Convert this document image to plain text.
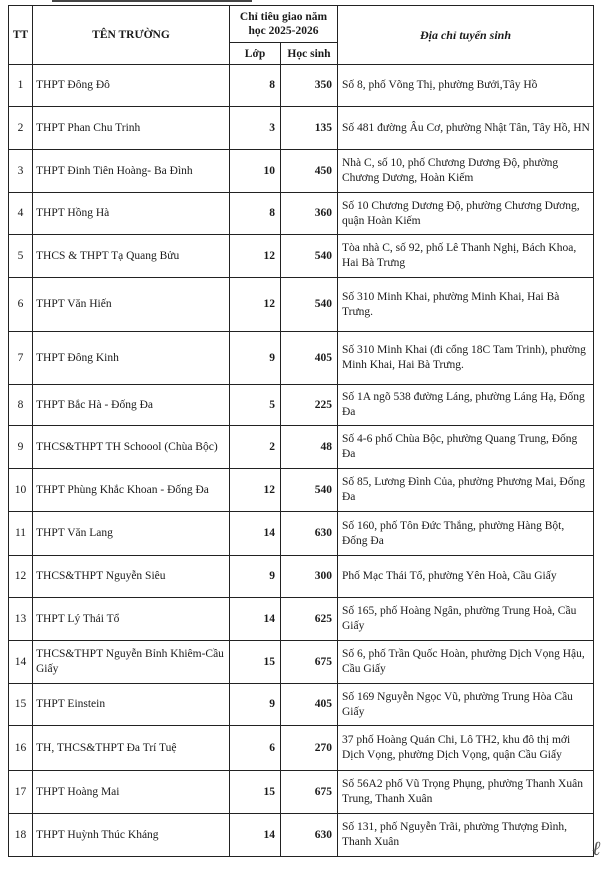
TT	TÊN TRƯỜNG	Chỉ tiêu giao năm học 2025-2026		Địa chỉ tuyển sinh
		Lớp	Học sinh	
1	THPT Đông Đô	8	350	Số 8, phố Võng Thị, phường Bưởi,Tây Hồ
2	THPT Phan Chu Trinh	3	135	Số 481 đường Âu Cơ, phường Nhật Tân, Tây Hồ, HN
3	THPT Đinh Tiên Hoàng- Ba Đình	10	450	Nhà C, số 10, phố Chương Dương Độ, phường Chương Dương, Hoàn Kiếm
4	THPT Hồng Hà	8	360	Số 10 Chương Dương Độ, phường Chương Dương, quận Hoàn Kiếm
5	THCS & THPT Tạ Quang Bửu	12	540	Tòa nhà C, số 92, phố Lê Thanh Nghị, Bách Khoa, Hai Bà Trưng
6	THPT Văn Hiến	12	540	Số 310 Minh Khai, phường Minh Khai, Hai Bà Trưng.
7	THPT Đông Kinh	9	405	Số 310 Minh Khai (đi cổng 18C Tam Trinh), phường Minh Khai, Hai Bà Trưng.
8	THPT Bắc Hà - Đống Đa	5	225	Số 1A ngõ 538 đường Láng, phường Láng Hạ, Đống Đa
9	THCS&THPT TH Schoool (Chùa Bộc)	2	48	Số 4-6 phố Chùa Bộc, phường Quang Trung, Đống Đa
10	THPT Phùng Khắc Khoan - Đống Đa	12	540	Số 85, Lương Đình Của, phường Phương Mai, Đống Đa
11	THPT Văn Lang	14	630	Số 160, phố Tôn Đức Thắng, phường Hàng Bột, Đống Đa
12	THCS&THPT Nguyễn Siêu	9	300	Phố Mạc Thái Tổ, phường Yên Hoà, Cầu Giấy
13	THPT Lý Thái Tổ	14	625	Số 165, phố Hoàng Ngân, phường Trung Hoà, Cầu Giấy
14	THCS&THPT Nguyễn Bỉnh Khiêm-Cầu Giấy	15	675	Số 6, phố Trần Quốc Hoàn, phường Dịch Vọng Hậu, Cầu Giấy
15	THPT Einstein	9	405	Số 169 Nguyễn Ngọc Vũ, phường Trung Hòa Cầu Giấy
16	TH, THCS&THPT Đa Trí Tuệ	6	270	37 phố Hoàng Quán Chi, Lô TH2, khu đô thị mới Dịch Vọng, phường Dịch Vọng, quận Cầu Giấy
17	THPT Hoàng Mai	15	675	Số 56A2 phố Vũ Trọng Phụng, phường Thanh Xuân Trung, Thanh Xuân
18	THPT Huỳnh Thúc Kháng	14	630	Số 131, phố Nguyễn Trãi, phường Thượng Đình, Thanh Xuân	ℓ
